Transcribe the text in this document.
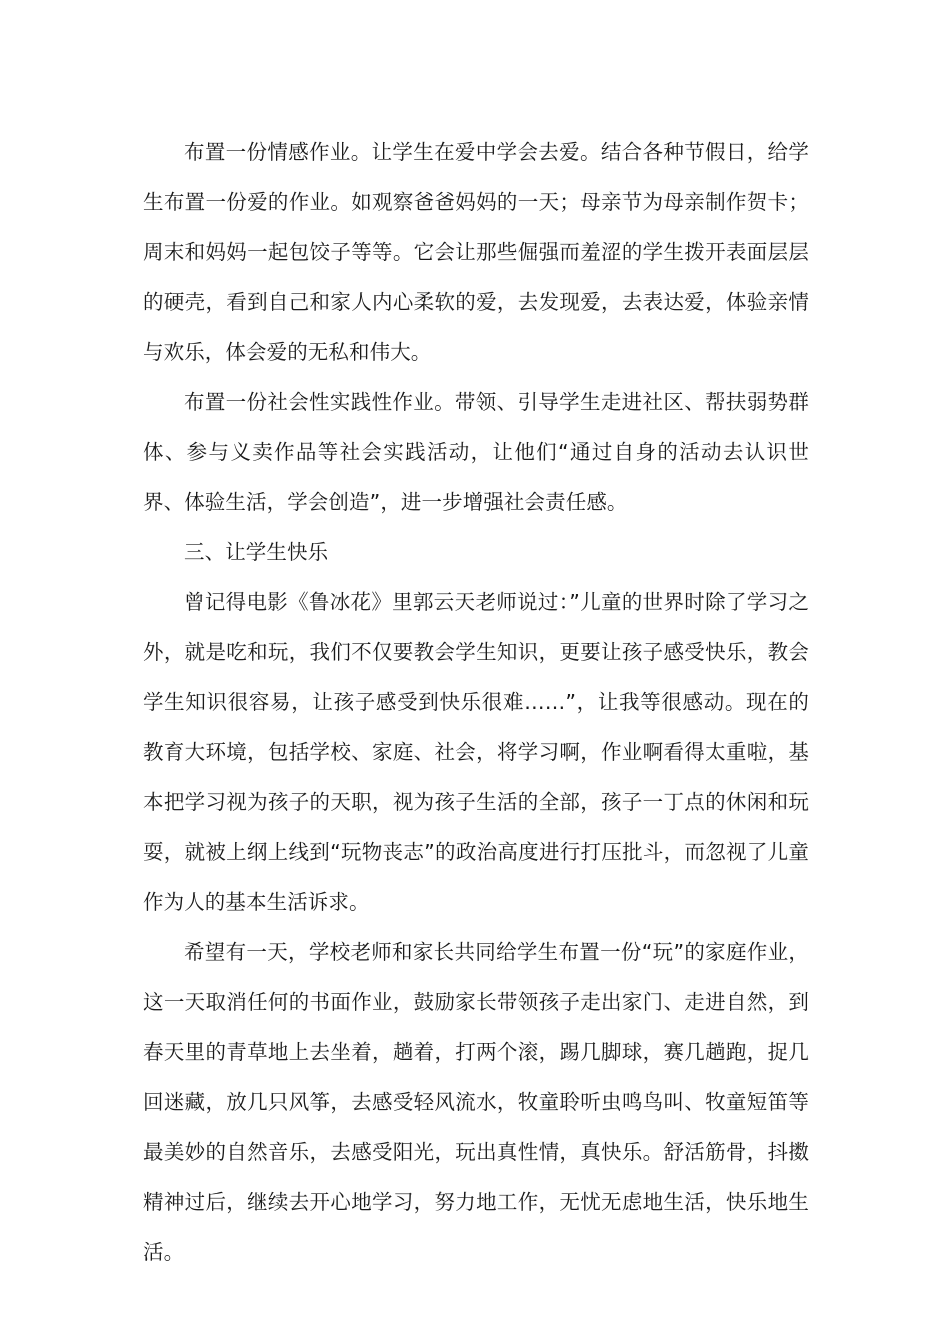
布置一份情感作业。让学生在爱中学会去爱。结合各种节假日，给学生布置一份爱的作业。如观察爸爸妈妈的一天；母亲节为母亲制作贺卡；周末和妈妈一起包饺子等等。它会让那些倔强而羞涩的学生拨开表面层层的硬壳，看到自己和家人内心柔软的爱，去发现爱，去表达爱，体验亲情与欢乐，体会爱的无私和伟大。

布置一份社会性实践性作业。带领、引导学生走进社区、帮扶弱势群体、参与义卖作品等社会实践活动，让他们“通过自身的活动去认识世界、体验生活，学会创造”，进一步增强社会责任感。

三、让学生快乐

曾记得电影《鲁冰花》里郭云天老师说过：”儿童的世界时除了学习之外，就是吃和玩，我们不仅要教会学生知识，更要让孩子感受快乐，教会学生知识很容易，让孩子感受到快乐很难……”，让我等很感动。现在的教育大环境，包括学校、家庭、社会，将学习啊，作业啊看得太重啦，基本把学习视为孩子的天职，视为孩子生活的全部，孩子一丁点的休闲和玩耍，就被上纲上线到“玩物丧志”的政治高度进行打压批斗，而忽视了儿童作为人的基本生活诉求。

希望有一天，学校老师和家长共同给学生布置一份“玩”的家庭作业，这一天取消任何的书面作业，鼓励家长带领孩子走出家门、走进自然，到春天里的青草地上去坐着，趟着，打两个滚，踢几脚球，赛几趟跑，捉几回迷藏，放几只风筝，去感受轻风流水，牧童聆听虫鸣鸟叫、牧童短笛等最美妙的自然音乐，去感受阳光，玩出真性情，真快乐。舒活筋骨，抖擞精神过后，继续去开心地学习，努力地工作，无忧无虑地生活，快乐地生活。
